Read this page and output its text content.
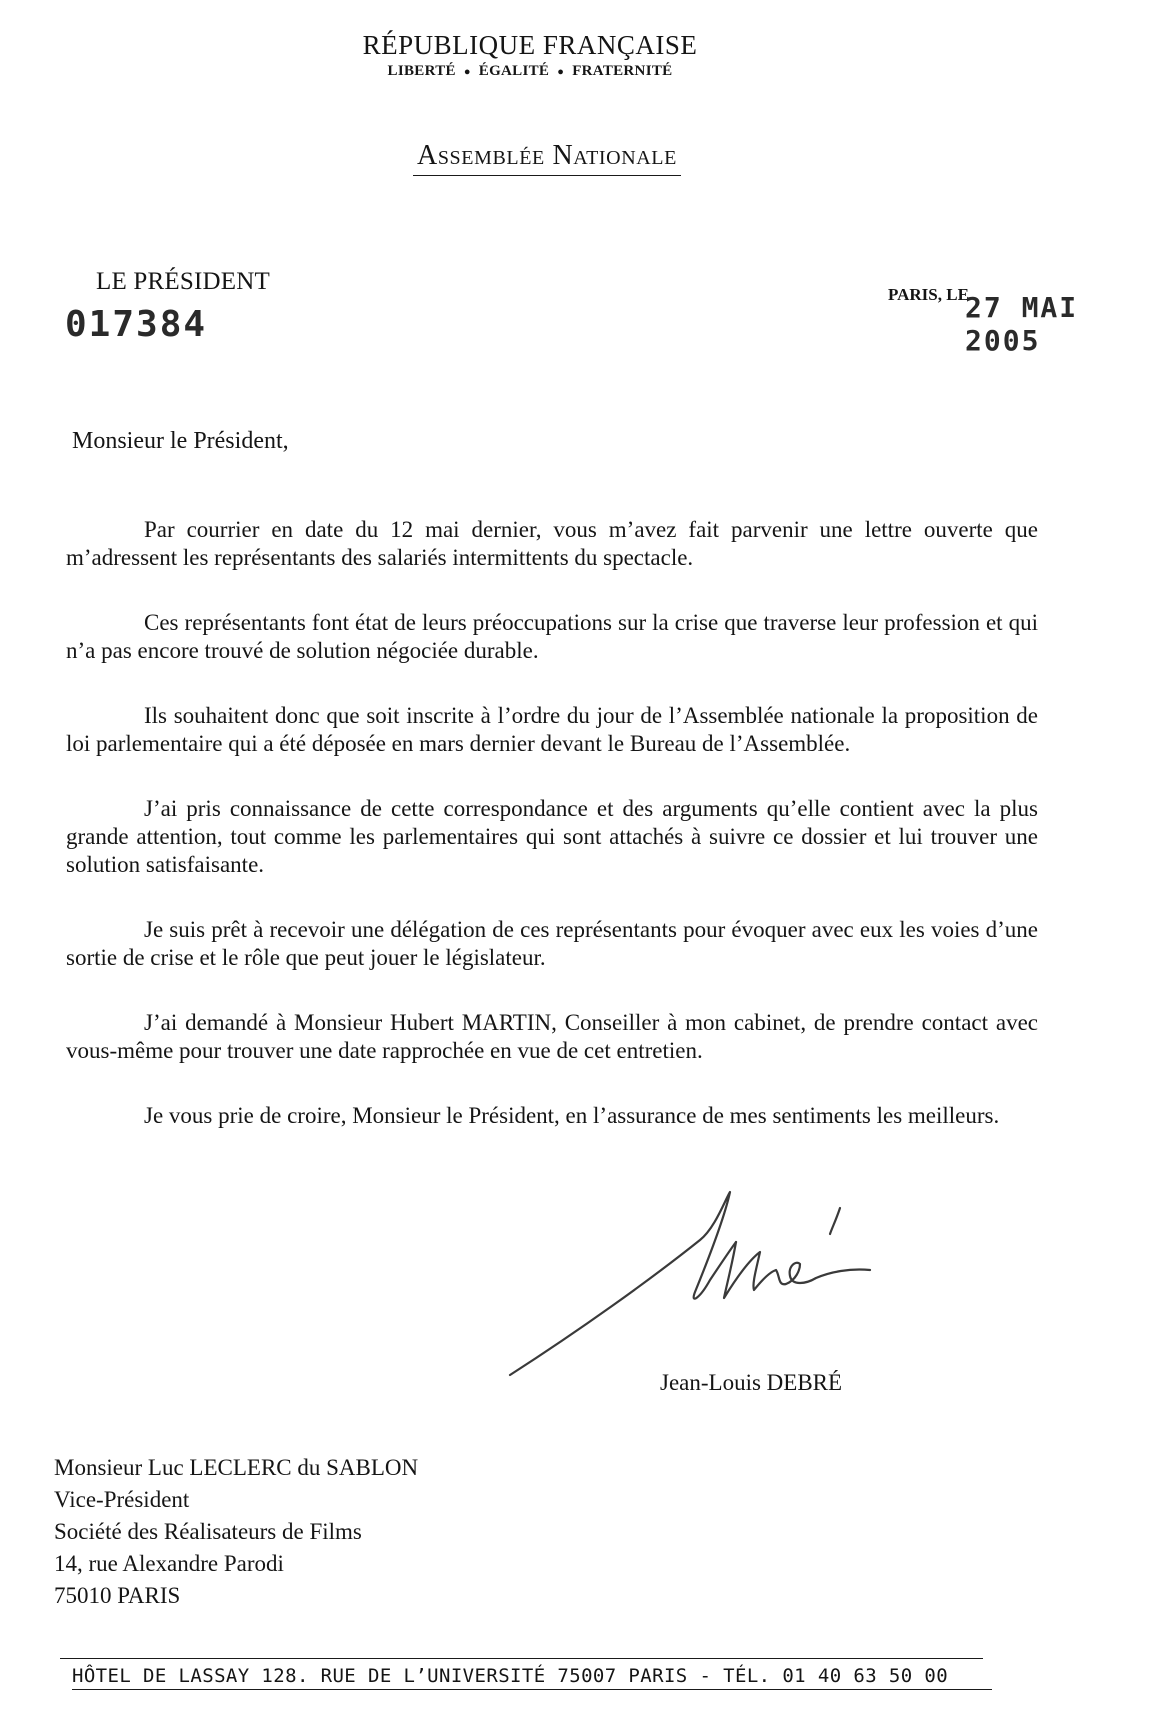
RÉPUBLIQUE FRANÇAISE
LIBERTÉ ● ÉGALITÉ ● FRATERNITÉ
Assemblée Nationale
LE PRÉSIDENT
017384
PARIS, LE
27 MAI 2005
Monsieur le Président,

Par courrier en date du 12 mai dernier, vous m’avez fait parvenir une lettre ouverte que m’adressent les représentants des salariés intermittents du spectacle.

Ces représentants font état de leurs préoccupations sur la crise que traverse leur profession et qui n’a pas encore trouvé de solution négociée durable.

Ils souhaitent donc que soit inscrite à l’ordre du jour de l’Assemblée nationale la proposition de loi parlementaire qui a été déposée en mars dernier devant le Bureau de l’Assemblée.

J’ai pris connaissance de cette correspondance et des arguments qu’elle contient avec la plus grande attention, tout comme les parlementaires qui sont attachés à suivre ce dossier et lui trouver une solution satisfaisante.

Je suis prêt à recevoir une délégation de ces représentants pour évoquer avec eux les voies d’une sortie de crise et le rôle que peut jouer le législateur.

J’ai demandé à Monsieur Hubert MARTIN, Conseiller à mon cabinet, de prendre contact avec vous-même pour trouver une date rapprochée en vue de cet entretien.

Je vous prie de croire, Monsieur le Président, en l’assurance de mes sentiments les meilleurs.

Jean-Louis DEBRÉ
Monsieur Luc LECLERC du SABLON
Vice-Président
Société des Réalisateurs de Films
14, rue Alexandre Parodi
75010 PARIS
HÔTEL DE LASSAY 128. RUE DE L’UNIVERSITÉ 75007 PARIS - TÉL. 01 40 63 50 00
